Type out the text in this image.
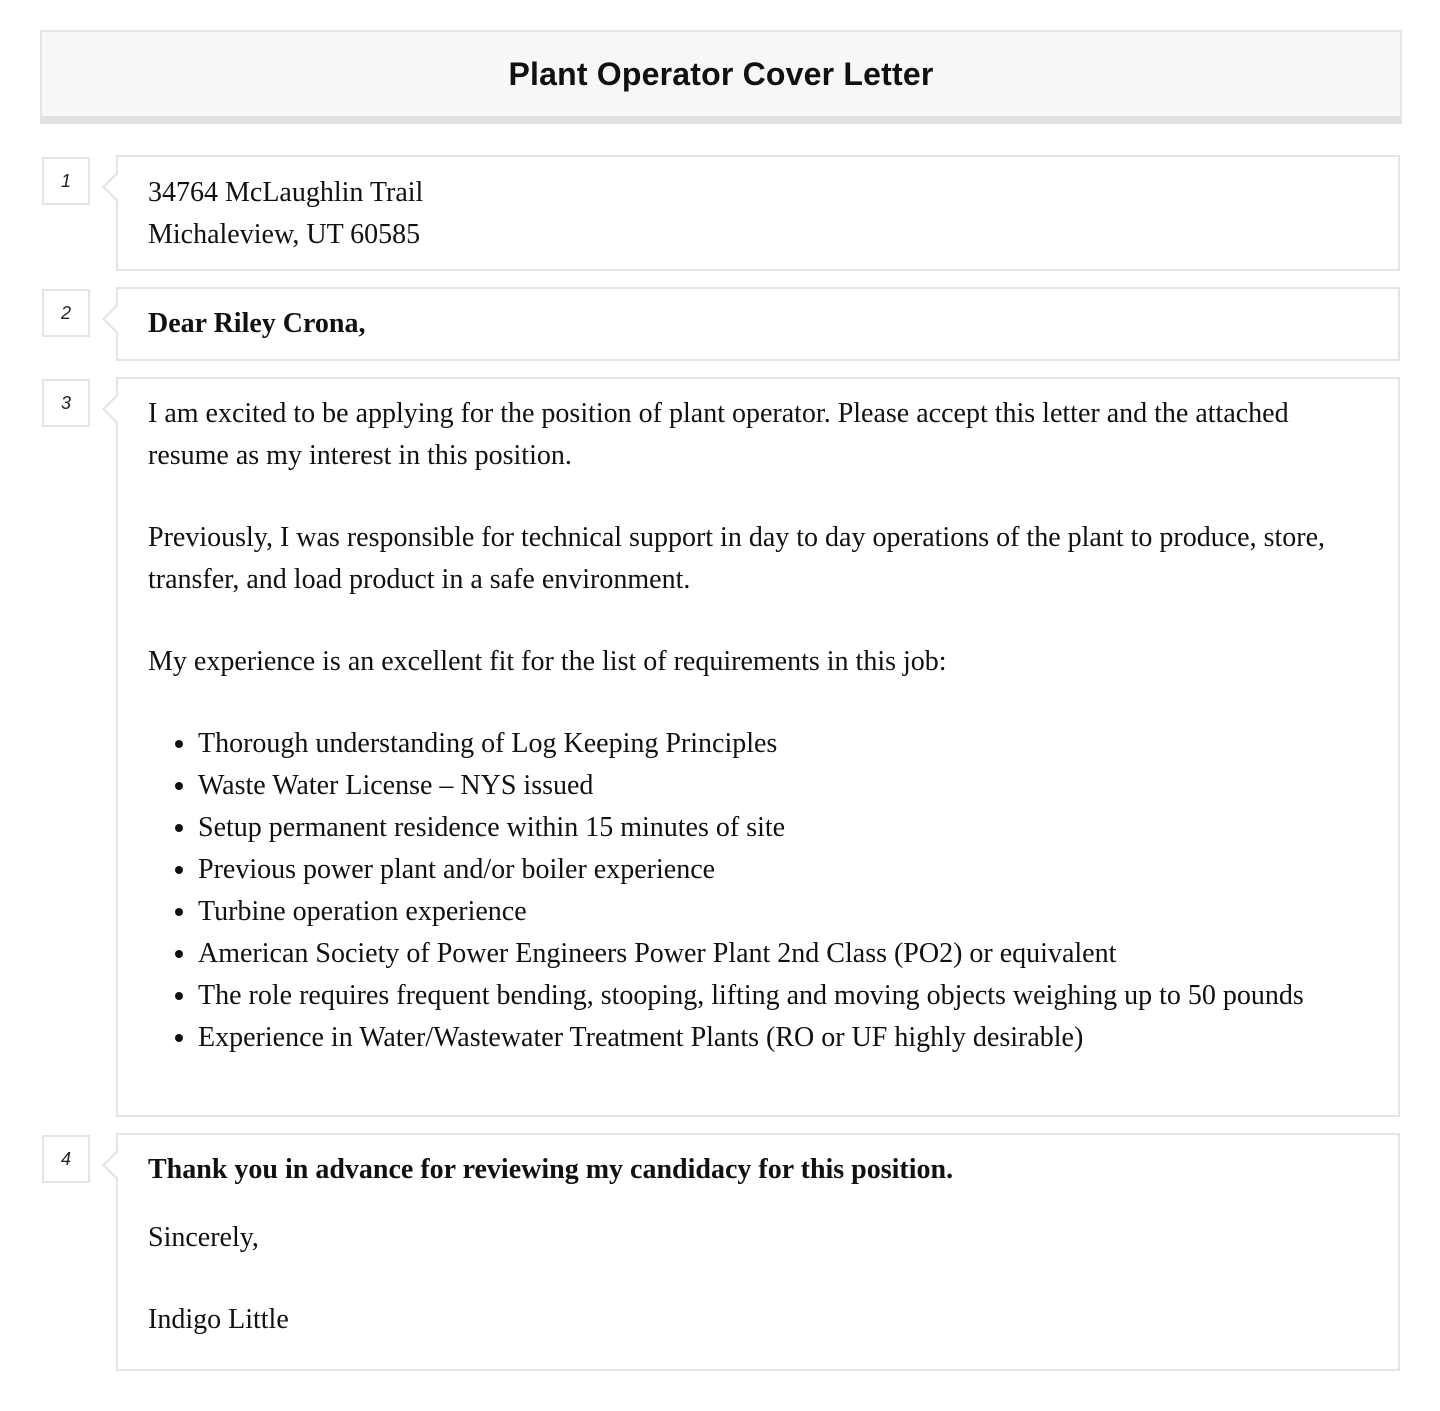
Plant Operator Cover Letter
1	34764 McLaughlin Trail

Michaleview, UT 60585

2	Dear Riley Crona,

3	I am excited to be applying for the position of plant operator. Please accept this letter and the attached resume as my interest in this position.

Previously, I was responsible for technical support in day to day operations of the plant to produce, store, transfer, and load product in a safe environment.

My experience is an excellent fit for the list of requirements in this job:

• Thorough understanding of Log Keeping Principles
• Waste Water License – NYS issued
• Setup permanent residence within 15 minutes of site
• Previous power plant and/or boiler experience
• Turbine operation experience
• American Society of Power Engineers Power Plant 2nd Class (PO2) or equivalent
• The role requires frequent bending, stooping, lifting and moving objects weighing up to 50 pounds
• Experience in Water/Wastewater Treatment Plants (RO or UF highly desirable)
4	Thank you in advance for reviewing my candidacy for this position.

Sincerely,

Indigo Little
